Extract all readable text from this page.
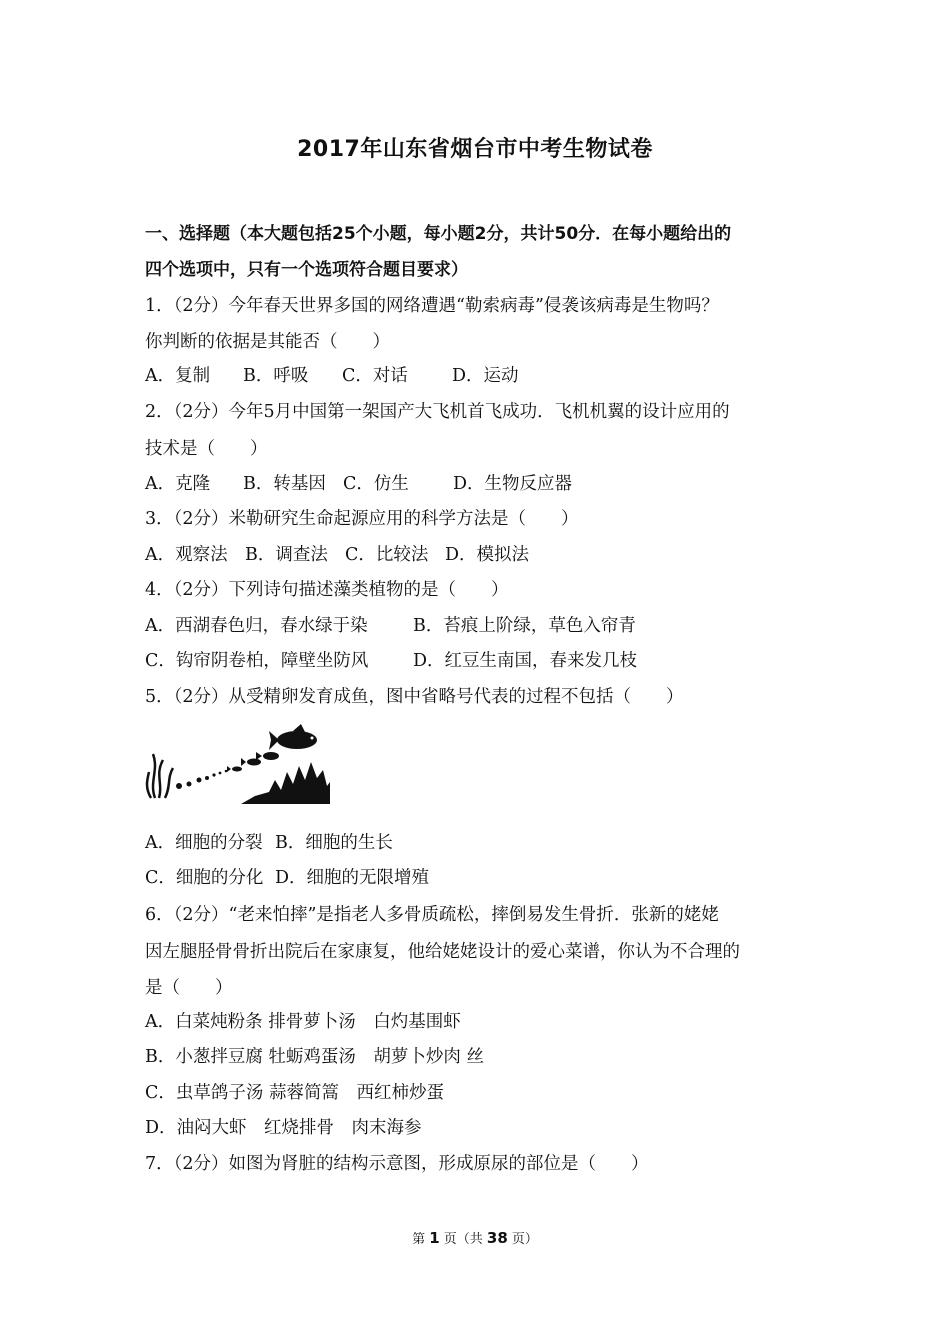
2017年山东省烟台市中考生物试卷
一、选择题（本大题包括25个小题，每小题2分，共计50分．在每小题给出的
四个选项中，只有一个选项符合题目要求）
1．（2分）今年春天世界多国的网络遭遇“勒索病毒”侵袭该病毒是生物吗？
你判断的依据是其能否（　　）
A．复制 B．呼吸 C．对话	D．运动
2．（2分）今年5月中国第一架国产大飞机首飞成功．飞机机翼的设计应用的
技术是（　　）
A．克隆 B．转基因 C．仿生	D．生物反应器
3．（2分）米勒研究生命起源应用的科学方法是（　　）
A．观察法 B．调查法 C．比较法 D．模拟法
4．（2分）下列诗句描述藻类植物的是（　　）
A．西湖春色归，春水绿于染	B．苔痕上阶绿，草色入帘青
C．钩帘阴卷柏，障壁坐防风	D．红豆生南国，春来发几枝
5．（2分）从受精卵发育成鱼，图中省略号代表的过程不包括（　　）
A．细胞的分裂 B．细胞的生长
C．细胞的分化 D．细胞的无限增殖
6．（2分）“老来怕摔”是指老人多骨质疏松，摔倒易发生骨折．张新的姥姥
因左腿胫骨骨折出院后在家康复，他给姥姥设计的爱心菜谱，你认为不合理的
是（　　）
A．白菜炖粉条 排骨萝卜汤　白灼基围虾
B．小葱拌豆腐 牡蛎鸡蛋汤　胡萝卜炒肉 丝
C．虫草鸽子汤 蒜蓉简篙　西红柿炒蛋
D．油闷大虾　红烧排骨　肉末海参
7．（2分）如图为肾脏的结构示意图，形成原尿的部位是（　　）
第 1 页（共 38 页）
